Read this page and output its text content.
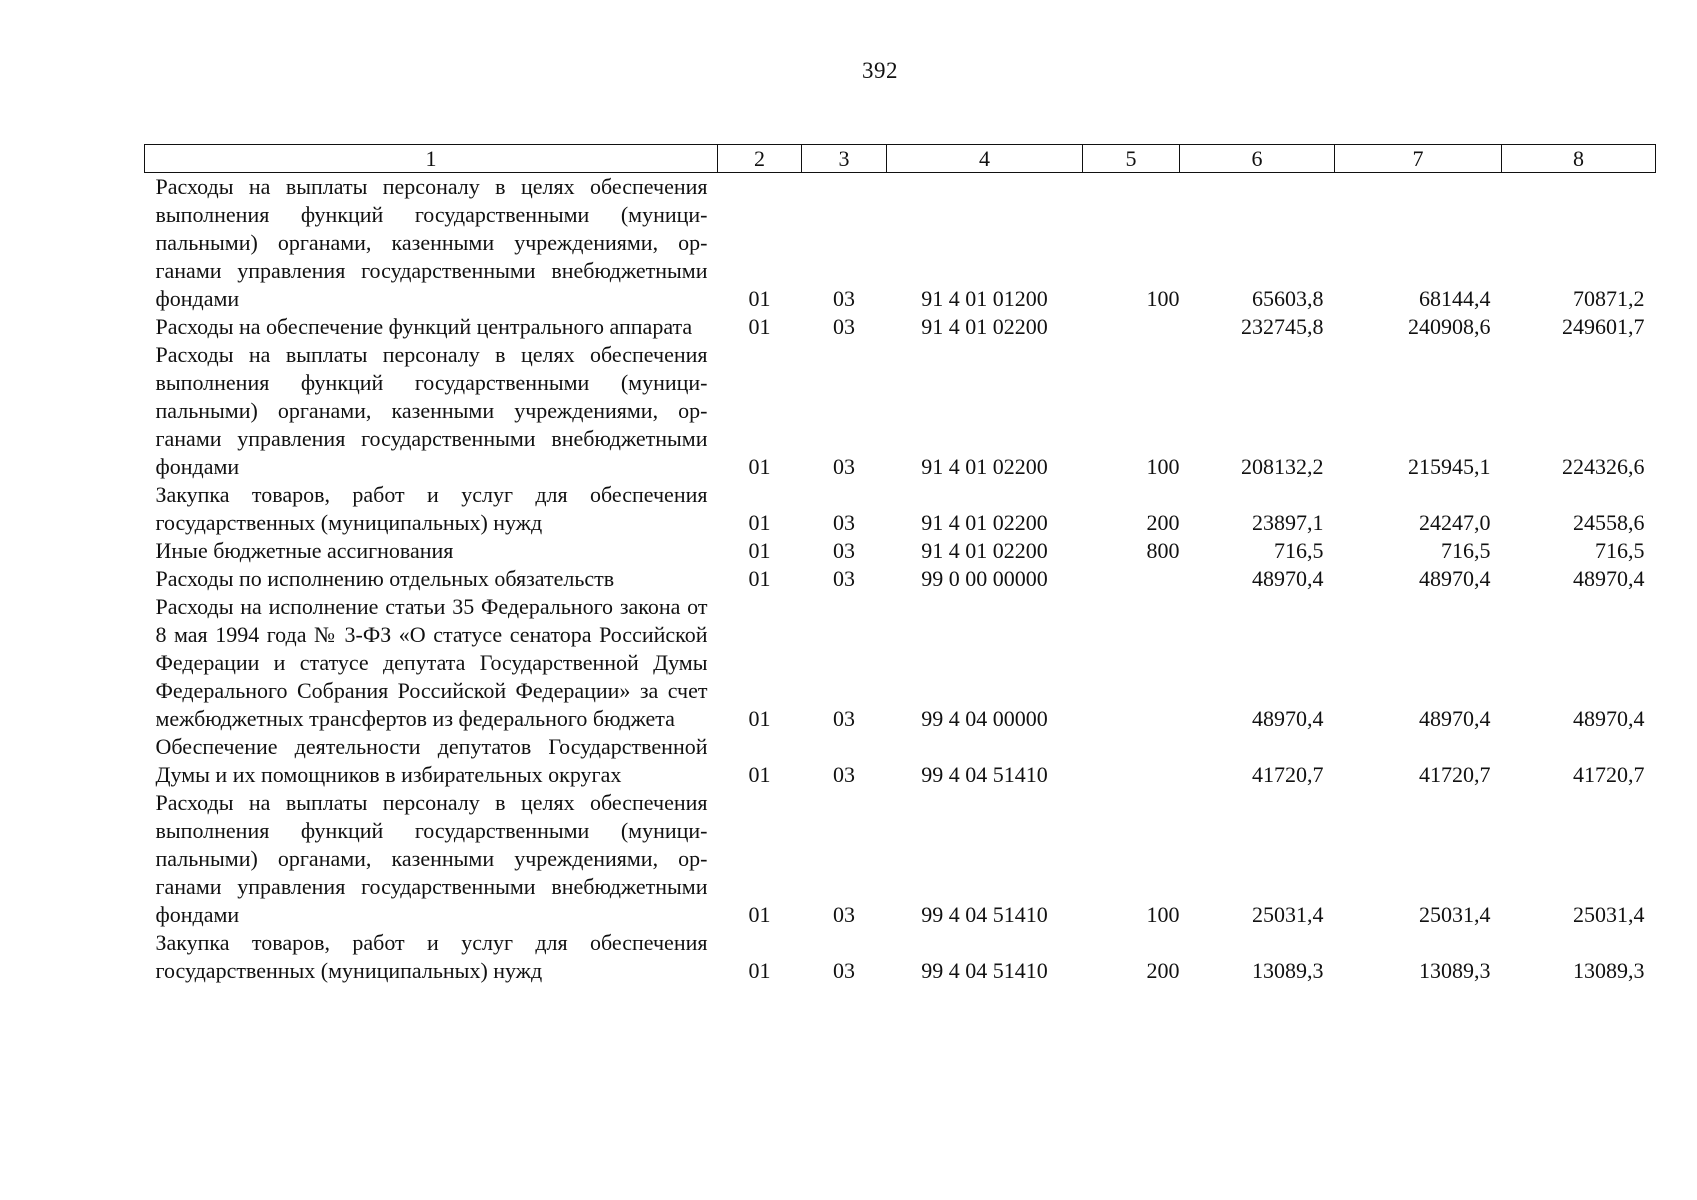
392
1	2	3	4	5	6	7	8
Расходы на выплаты персоналу в целях обеспечения выполнения функций государственными (муниципальными) органами, казенными учреждениями, органами управления государственными внебюджетными фондами	01	03	91 4 01 01200	100	65603,8	68144,4	70871,2
Расходы на обеспечение функций центрального аппарата	01	03	91 4 01 02200		232745,8	240908,6	249601,7
Расходы на выплаты персоналу в целях обеспечения выполнения функций государственными (муниципальными) органами, казенными учреждениями, органами управления государственными внебюджетными фондами	01	03	91 4 01 02200	100	208132,2	215945,1	224326,6
Закупка товаров, работ и услуг для обеспечения государственных (муниципальных) нужд	01	03	91 4 01 02200	200	23897,1	24247,0	24558,6
Иные бюджетные ассигнования	01	03	91 4 01 02200	800	716,5	716,5	716,5
Расходы по исполнению отдельных обязательств	01	03	99 0 00 00000		48970,4	48970,4	48970,4
Расходы на исполнение статьи 35 Федерального закона от 8 мая 1994 года № 3-ФЗ «О статусе сенатора Российской Федерации и статусе депутата Государственной Думы Федерального Собрания Российской Федерации» за счет межбюджетных трансфертов из федерального бюджета	01	03	99 4 04 00000		48970,4	48970,4	48970,4
Обеспечение деятельности депутатов Государственной Думы и их помощников в избирательных округах	01	03	99 4 04 51410		41720,7	41720,7	41720,7
Расходы на выплаты персоналу в целях обеспечения выполнения функций государственными (муниципальными) органами, казенными учреждениями, органами управления государственными внебюджетными фондами	01	03	99 4 04 51410	100	25031,4	25031,4	25031,4
Закупка товаров, работ и услуг для обеспечения государственных (муниципальных) нужд	01	03	99 4 04 51410	200	13089,3	13089,3	13089,3
